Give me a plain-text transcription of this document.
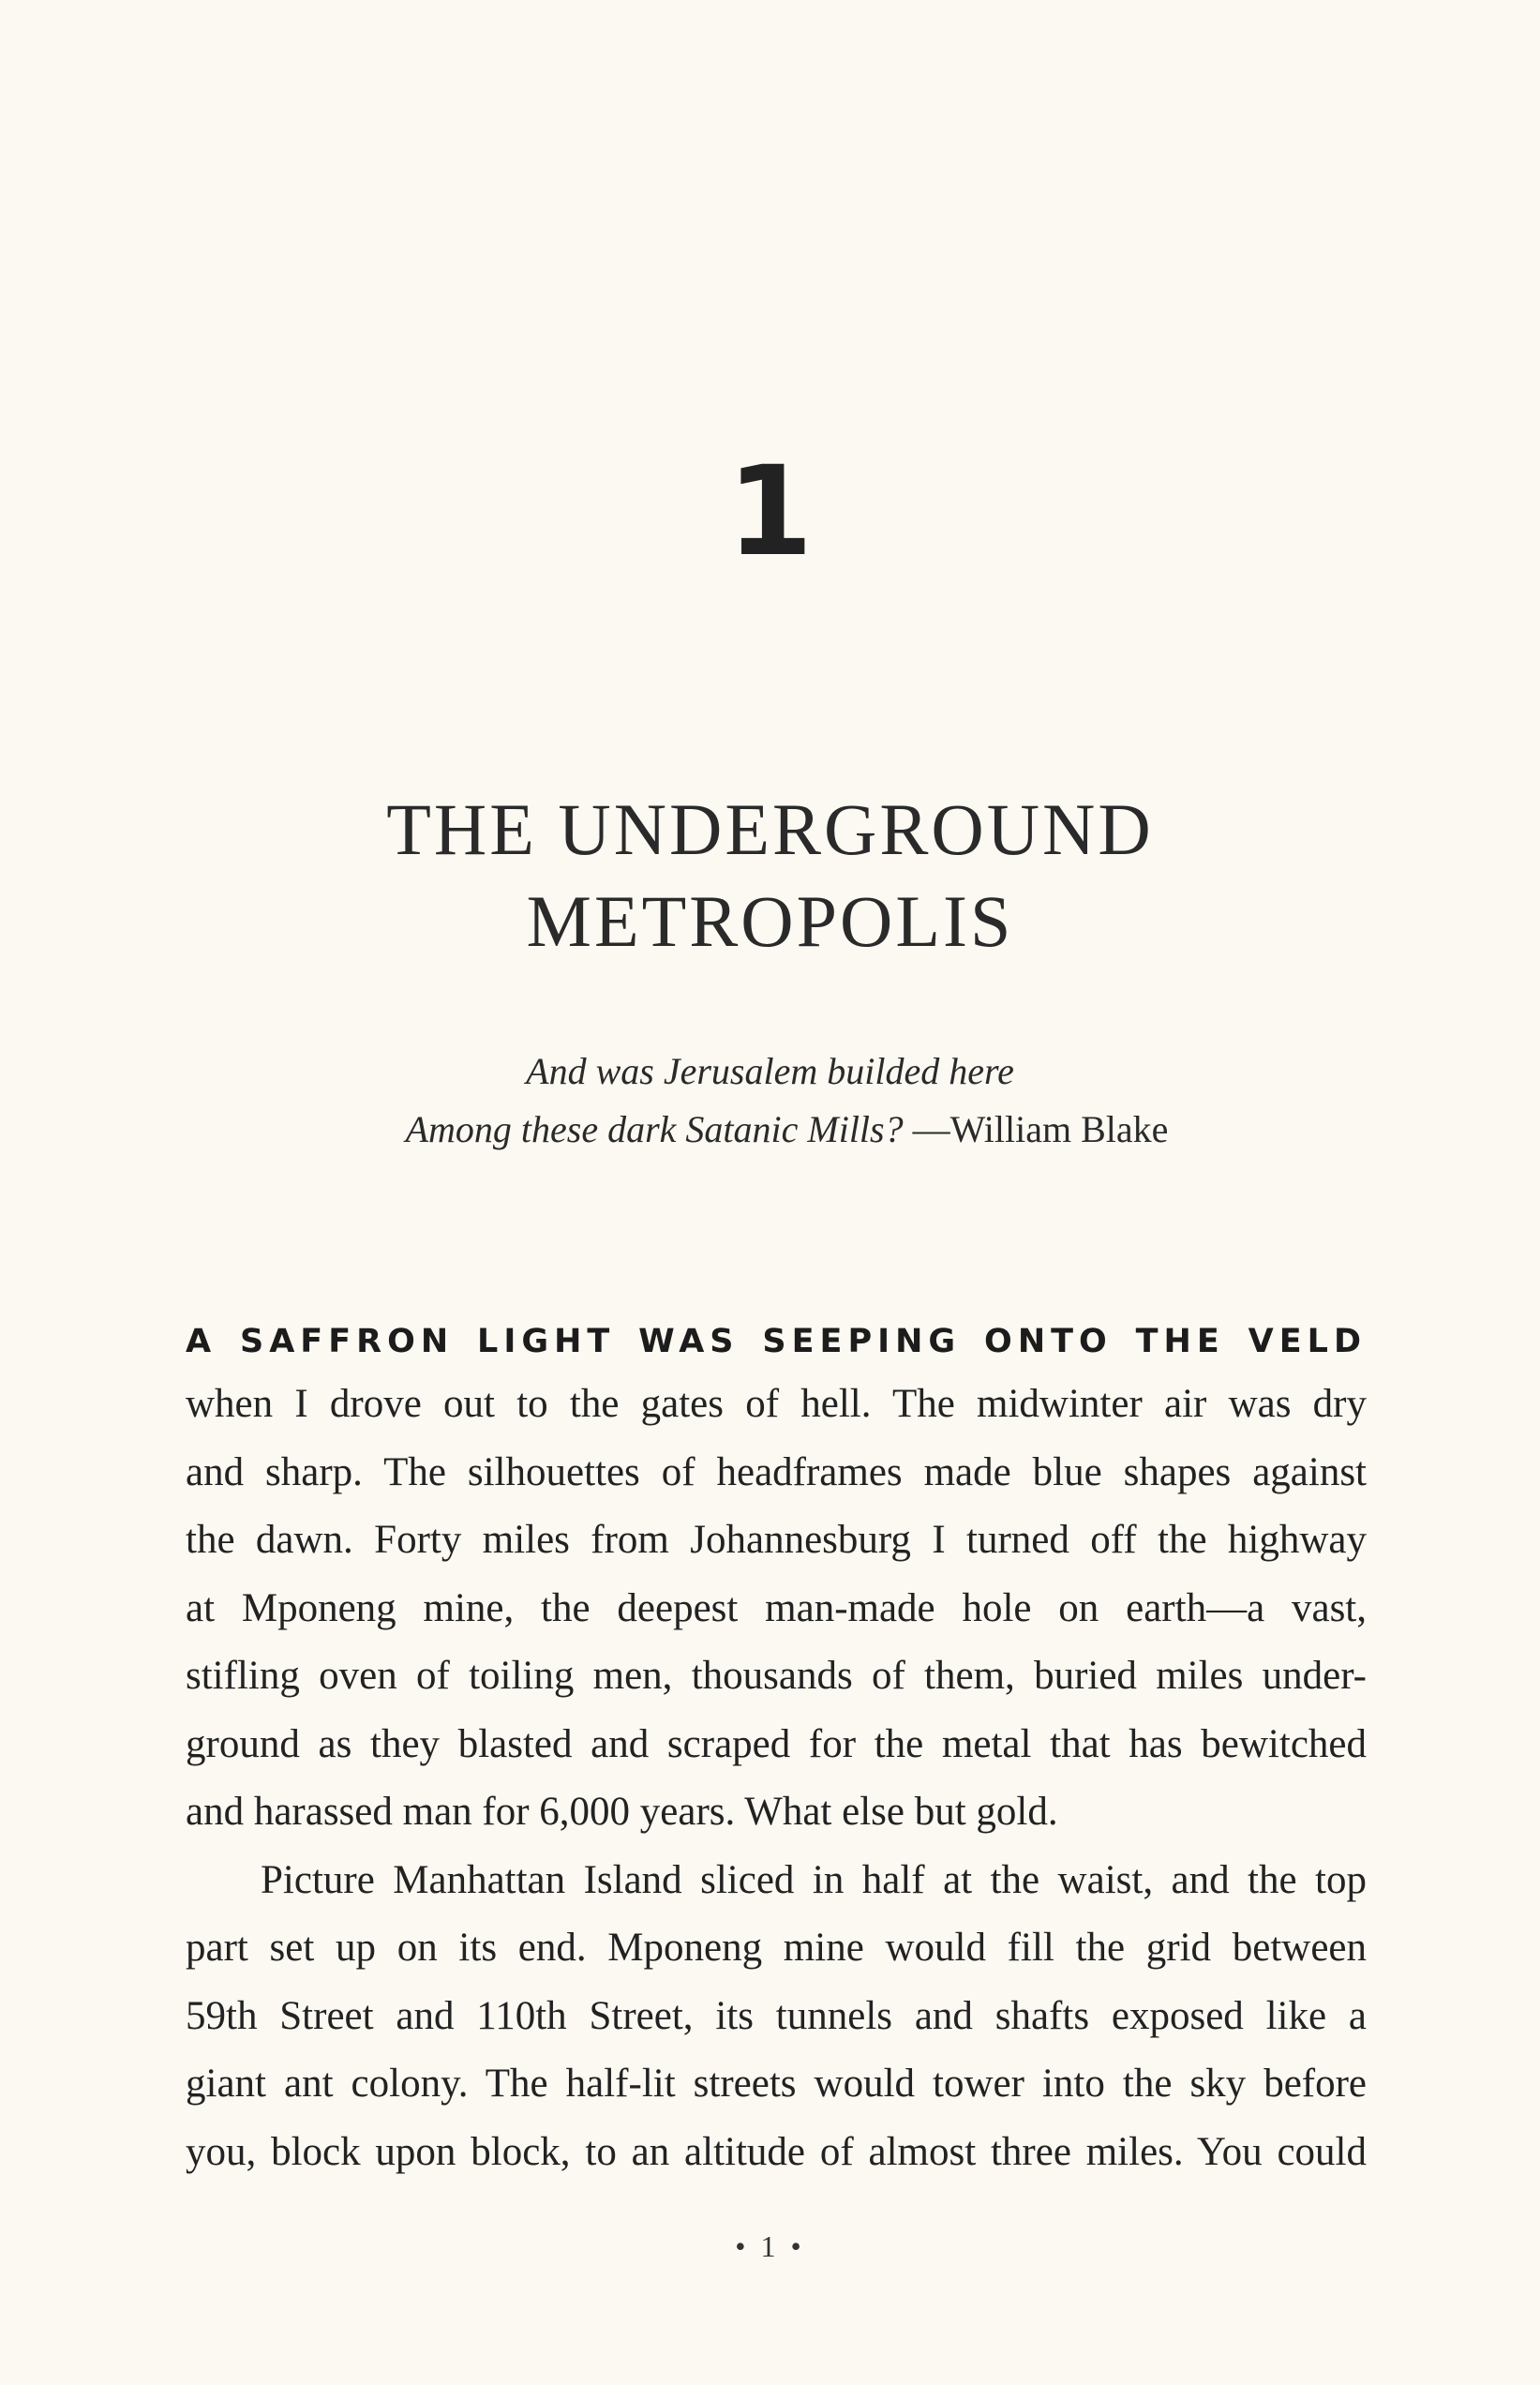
1
THE UNDERGROUND
METROPOLIS
And was Jerusalem builded here
Among these dark Satanic Mills? —William Blake
A SAFFRON LIGHT WAS SEEPING ONTO THE VELD
when I drove out to the gates of hell. The midwinter air was dry
and sharp. The silhouettes of headframes made blue shapes against
the dawn. Forty miles from Johannesburg I turned off the highway
at Mponeng mine, the deepest man-made hole on earth—a vast,
stifling oven of toiling men, thousands of them, buried miles under-
ground as they blasted and scraped for the metal that has bewitched
and harassed man for 6,000 years. What else but gold.
Picture Manhattan Island sliced in half at the waist, and the top
part set up on its end. Mponeng mine would fill the grid between
59th Street and 110th Street, its tunnels and shafts exposed like a
giant ant colony. The half-lit streets would tower into the sky before
you, block upon block, to an altitude of almost three miles. You could
• 1 •
